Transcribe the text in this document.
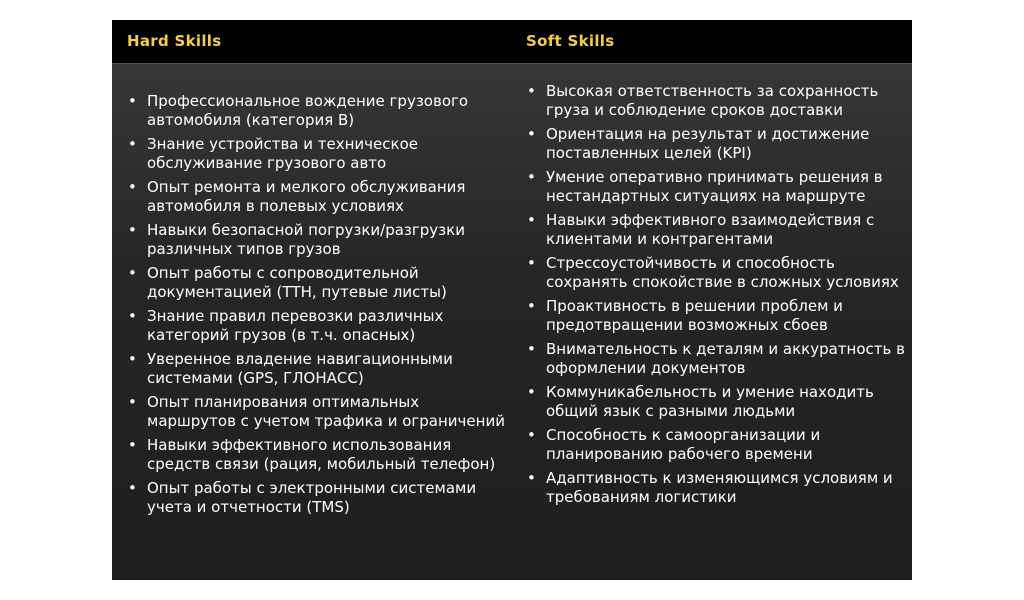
Hard Skills	Soft Skills
• Профессиональное вождение грузового автомобиля (категория В)
• Знание устройства и техническое обслуживание грузового авто
• Опыт ремонта и мелкого обслуживания автомобиля в полевых условиях
• Навыки безопасной погрузки/разгрузки различных типов грузов
• Опыт работы с сопроводительной документацией (ТТН, путевые листы)
• Знание правил перевозки различных категорий грузов (в т.ч. опасных)
• Уверенное владение навигационными системами (GPS, ГЛОНАСС)
• Опыт планирования оптимальных маршрутов с учетом трафика и ограничений
• Навыки эффективного использования средств связи (рация, мобильный телефон)
• Опыт работы с электронными системами учета и отчетности (TMS)
• Высокая ответственность за сохранность груза и соблюдение сроков доставки
• Ориентация на результат и достижение поставленных целей (KPI)
• Умение оперативно принимать решения в нестандартных ситуациях на маршруте
• Навыки эффективного взаимодействия с клиентами и контрагентами
• Стрессоустойчивость и способность сохранять спокойствие в сложных условиях
• Проактивность в решении проблем и предотвращении возможных сбоев
• Внимательность к деталям и аккуратность в оформлении документов
• Коммуникабельность и умение находить общий язык с разными людьми
• Способность к самоорганизации и планированию рабочего времени
• Адаптивность к изменяющимся условиям и требованиям логистики
